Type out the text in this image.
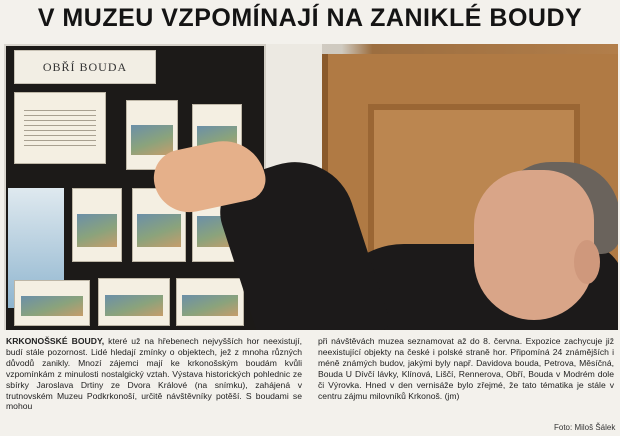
V MUZEU VZPOMÍNAJÍ NA ZANIKLÉ BOUDY
OBŘÍ BOUDA

KRKONOŠSKÉ BOUDY, které už na hřebenech nejvyšších hor neexistují, budí stále pozornost. Lidé hledají zmínky o objektech, jež z mnoha různých důvodů zanikly. Mnozí zájemci mají ke krkonošským boudám kvůli vzpomínkám z minulosti nostalgický vztah. Výstava historických pohlednic ze sbírky Jaroslava Drtiny ze Dvora Králové (na snímku), zahájená v trutnovském Muzeu Podkrkonoší, určitě návštěvníky potěší. S boudami se mohou

při návštěvách muzea seznamovat až do 8. června. Expozice zachycuje již neexistující objekty na české i polské straně hor. Připomíná 24 známějších i méně známých budov, jakými byly např. Davidova bouda, Petrova, Měsíčná, Bouda U Dívčí lávky, Klínová, Liščí, Rennerova, Obří, Bouda v Modrém dole či Výrovka. Hned v den vernisáže bylo zřejmé, že tato tématika je stále v centru zájmu milovníků Krkonoš. (jm)

Foto: Miloš Šálek
